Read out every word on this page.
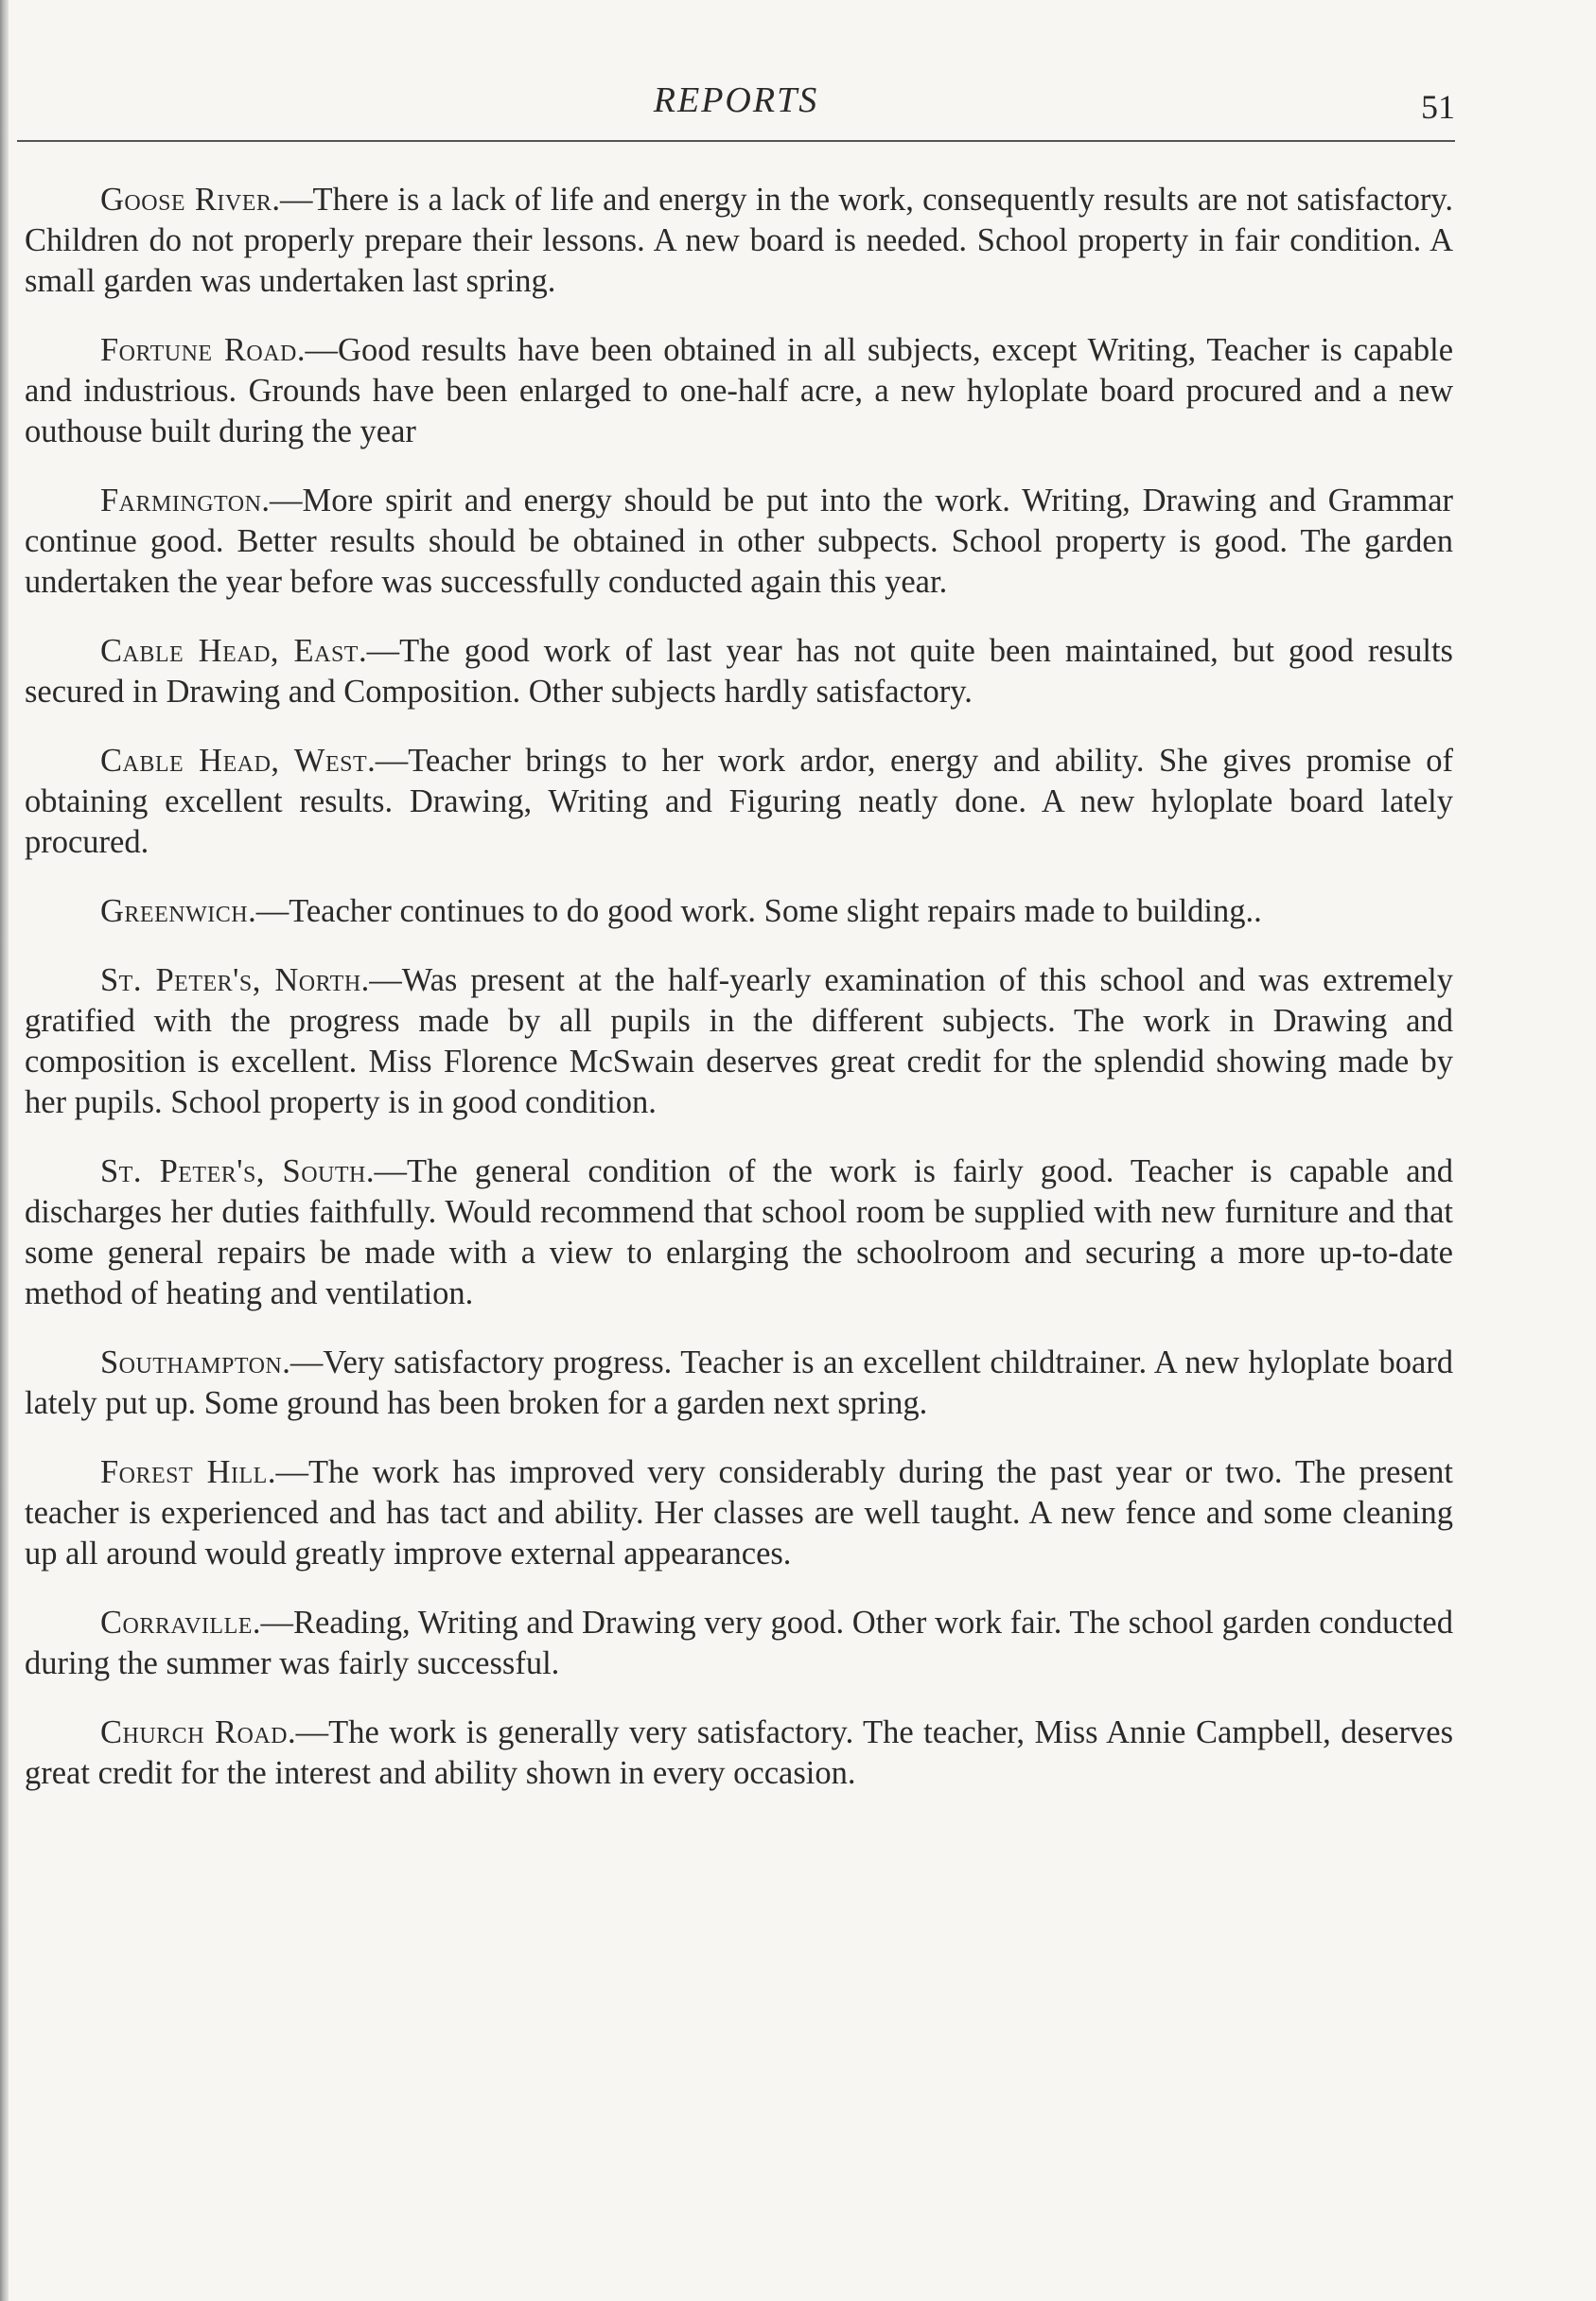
REPORTS	51

Goose River.—There is a lack of life and energy in the work, consequently results are not satisfactory. Children do not properly prepare their lessons. A new board is needed. School property in fair condition. A small garden was undertaken last spring.

Fortune Road.—Good results have been obtained in all subjects, except Writing, Teacher is capable and industrious. Grounds have been enlarged to one-half acre, a new hyloplate board procured and a new outhouse built during the year

Farmington.—More spirit and energy should be put into the work. Writing, Drawing and Grammar continue good. Better results should be obtained in other subpects. School property is good. The garden undertaken the year before was successfully conducted again this year.

Cable Head, East.—The good work of last year has not quite been maintained, but good results secured in Drawing and Composition. Other subjects hardly satisfactory.

Cable Head, West.—Teacher brings to her work ardor, energy and ability. She gives promise of obtaining excellent results. Drawing, Writing and Figuring neatly done. A new hyloplate board lately procured.

Greenwich.—Teacher continues to do good work. Some slight repairs made to building..

St. Peter's, North.—Was present at the half-yearly examination of this school and was extremely gratified with the progress made by all pupils in the different subjects. The work in Drawing and composition is excellent. Miss Florence McSwain deserves great credit for the splendid showing made by her pupils. School property is in good condition.

St. Peter's, South.—The general condition of the work is fairly good. Teacher is capable and discharges her duties faithfully. Would recommend that school room be supplied with new furniture and that some general repairs be made with a view to enlarging the schoolroom and securing a more up-to-date method of heating and ventilation.

Southampton.—Very satisfactory progress. Teacher is an excellent childtrainer. A new hyloplate board lately put up. Some ground has been broken for a garden next spring.

Forest Hill.—The work has improved very considerably during the past year or two. The present teacher is experienced and has tact and ability. Her classes are well taught. A new fence and some cleaning up all around would greatly improve external appearances.

Corraville.—Reading, Writing and Drawing very good. Other work fair. The school garden conducted during the summer was fairly successful.

Church Road.—The work is generally very satisfactory. The teacher, Miss Annie Campbell, deserves great credit for the interest and ability shown in every occasion.
